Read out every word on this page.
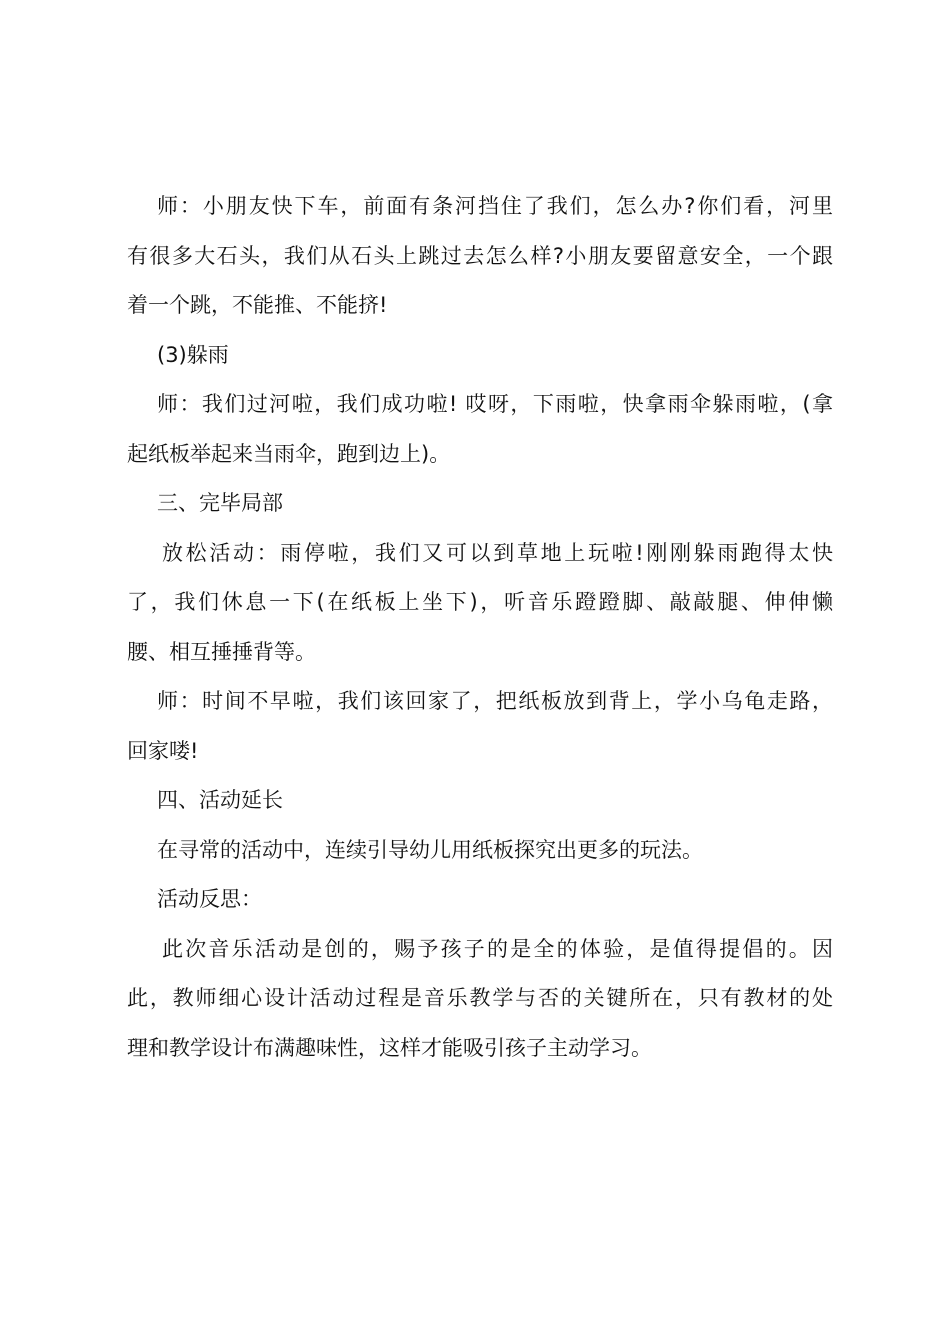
师：小朋友快下车，前面有条河挡住了我们，怎么办?你们看，河里
有很多大石头，我们从石头上跳过去怎么样?小朋友要留意安全，一个跟
着一个跳，不能推、不能挤!
(3)躲雨
师：我们过河啦，我们成功啦! 哎呀，下雨啦，快拿雨伞躲雨啦，(拿
起纸板举起来当雨伞，跑到边上)。
三、完毕局部
放松活动：雨停啦，我们又可以到草地上玩啦!刚刚躲雨跑得太快
了，我们休息一下(在纸板上坐下)，听音乐蹬蹬脚、敲敲腿、伸伸懒
腰、相互捶捶背等。
师：时间不早啦，我们该回家了，把纸板放到背上，学小乌龟走路，
回家喽!
四、活动延长
在寻常的活动中，连续引导幼儿用纸板探究出更多的玩法。
活动反思：
此次音乐活动是创的，赐予孩子的是全的体验，是值得提倡的。因
此，教师细心设计活动过程是音乐教学与否的关键所在，只有教材的处
理和教学设计布满趣味性，这样才能吸引孩子主动学习。
